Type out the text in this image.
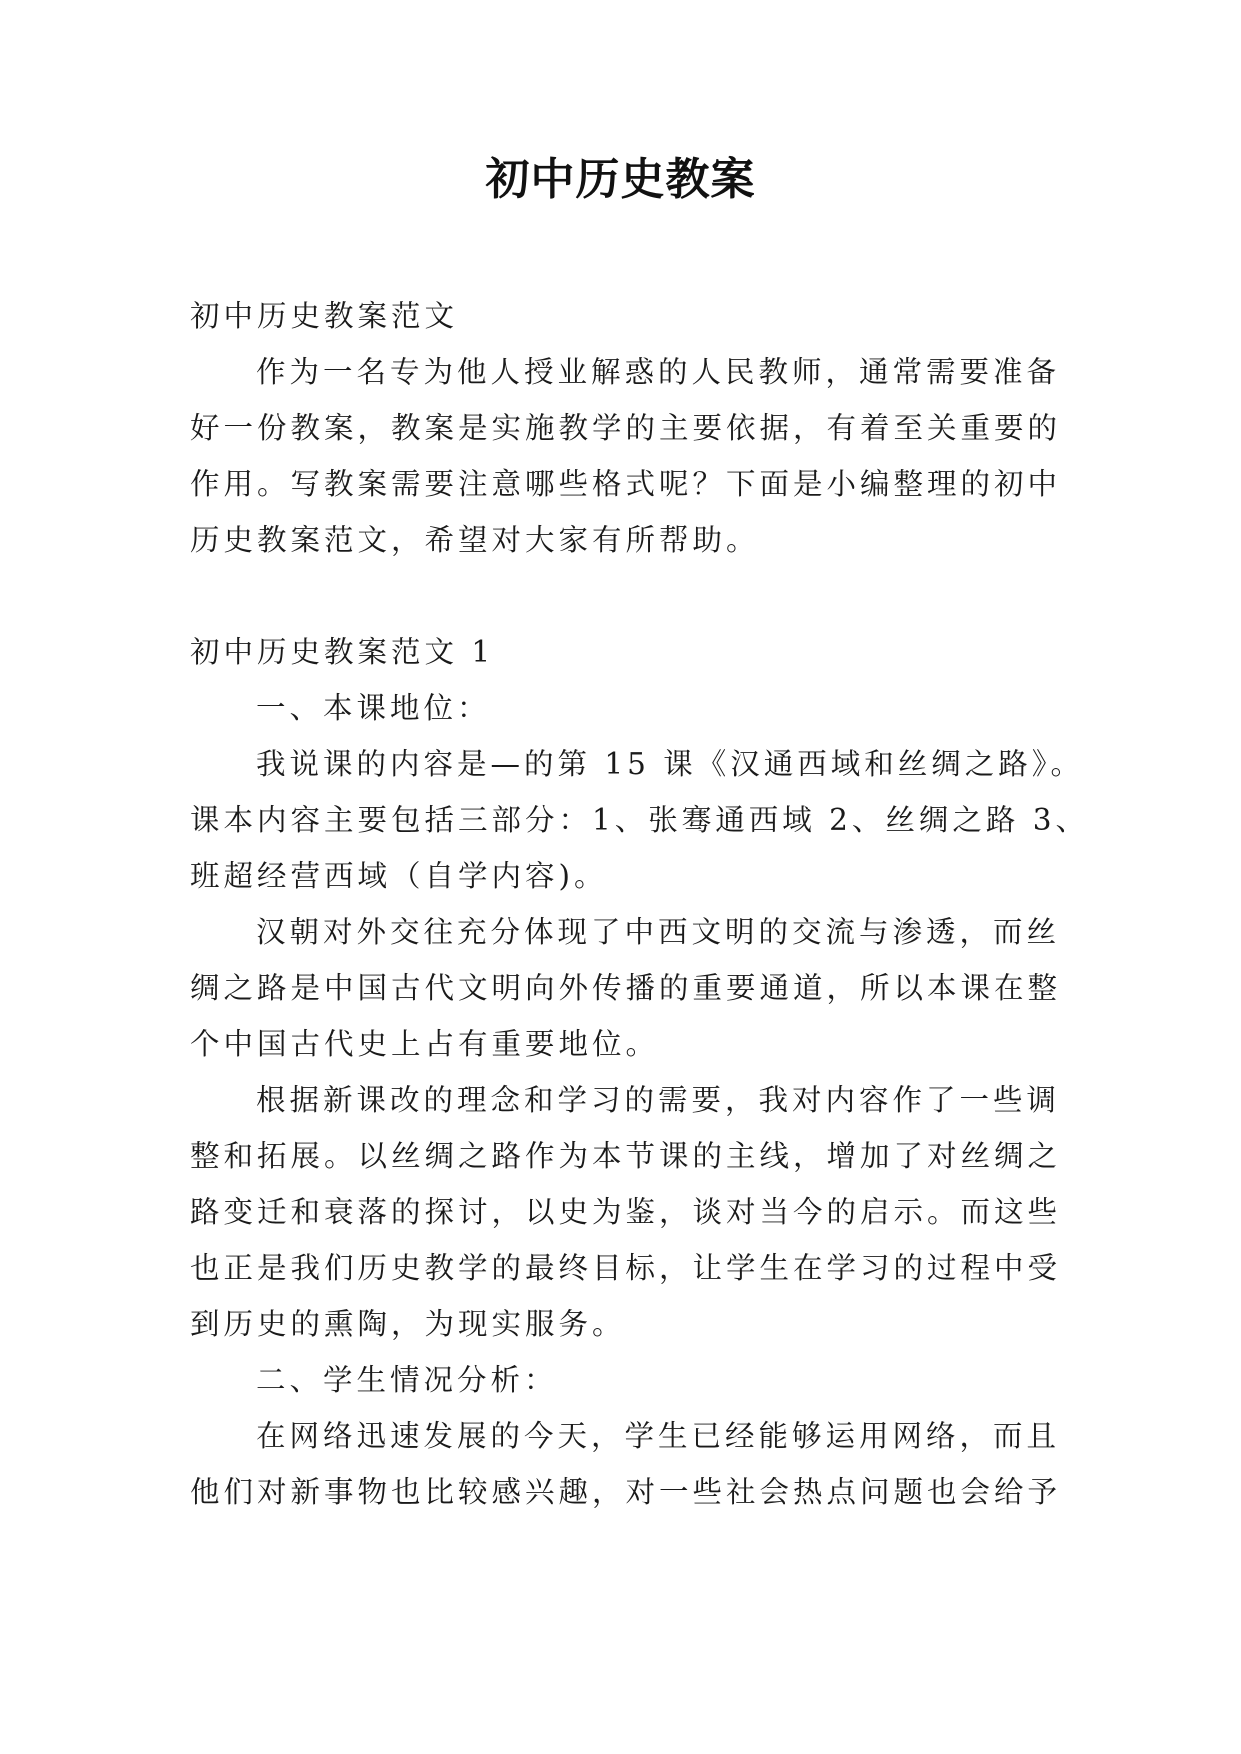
初中历史教案
初中历史教案范文
作为一名专为他人授业解惑的人民教师，通常需要准备
好一份教案，教案是实施教学的主要依据，有着至关重要的
作用。写教案需要注意哪些格式呢？下面是小编整理的初中
历史教案范文，希望对大家有所帮助。
初中历史教案范文 1
一、本课地位：
我说课的内容是—的第 15 课《汉通西域和丝绸之路》。
课本内容主要包括三部分：1、张骞通西域 2、丝绸之路 3、
班超经营西域（自学内容)。
汉朝对外交往充分体现了中西文明的交流与渗透，而丝
绸之路是中国古代文明向外传播的重要通道，所以本课在整
个中国古代史上占有重要地位。
根据新课改的理念和学习的需要，我对内容作了一些调
整和拓展。以丝绸之路作为本节课的主线，增加了对丝绸之
路变迁和衰落的探讨，以史为鉴，谈对当今的启示。而这些
也正是我们历史教学的最终目标，让学生在学习的过程中受
到历史的熏陶，为现实服务。
二、学生情况分析：
在网络迅速发展的今天，学生已经能够运用网络，而且
他们对新事物也比较感兴趣，对一些社会热点问题也会给予
